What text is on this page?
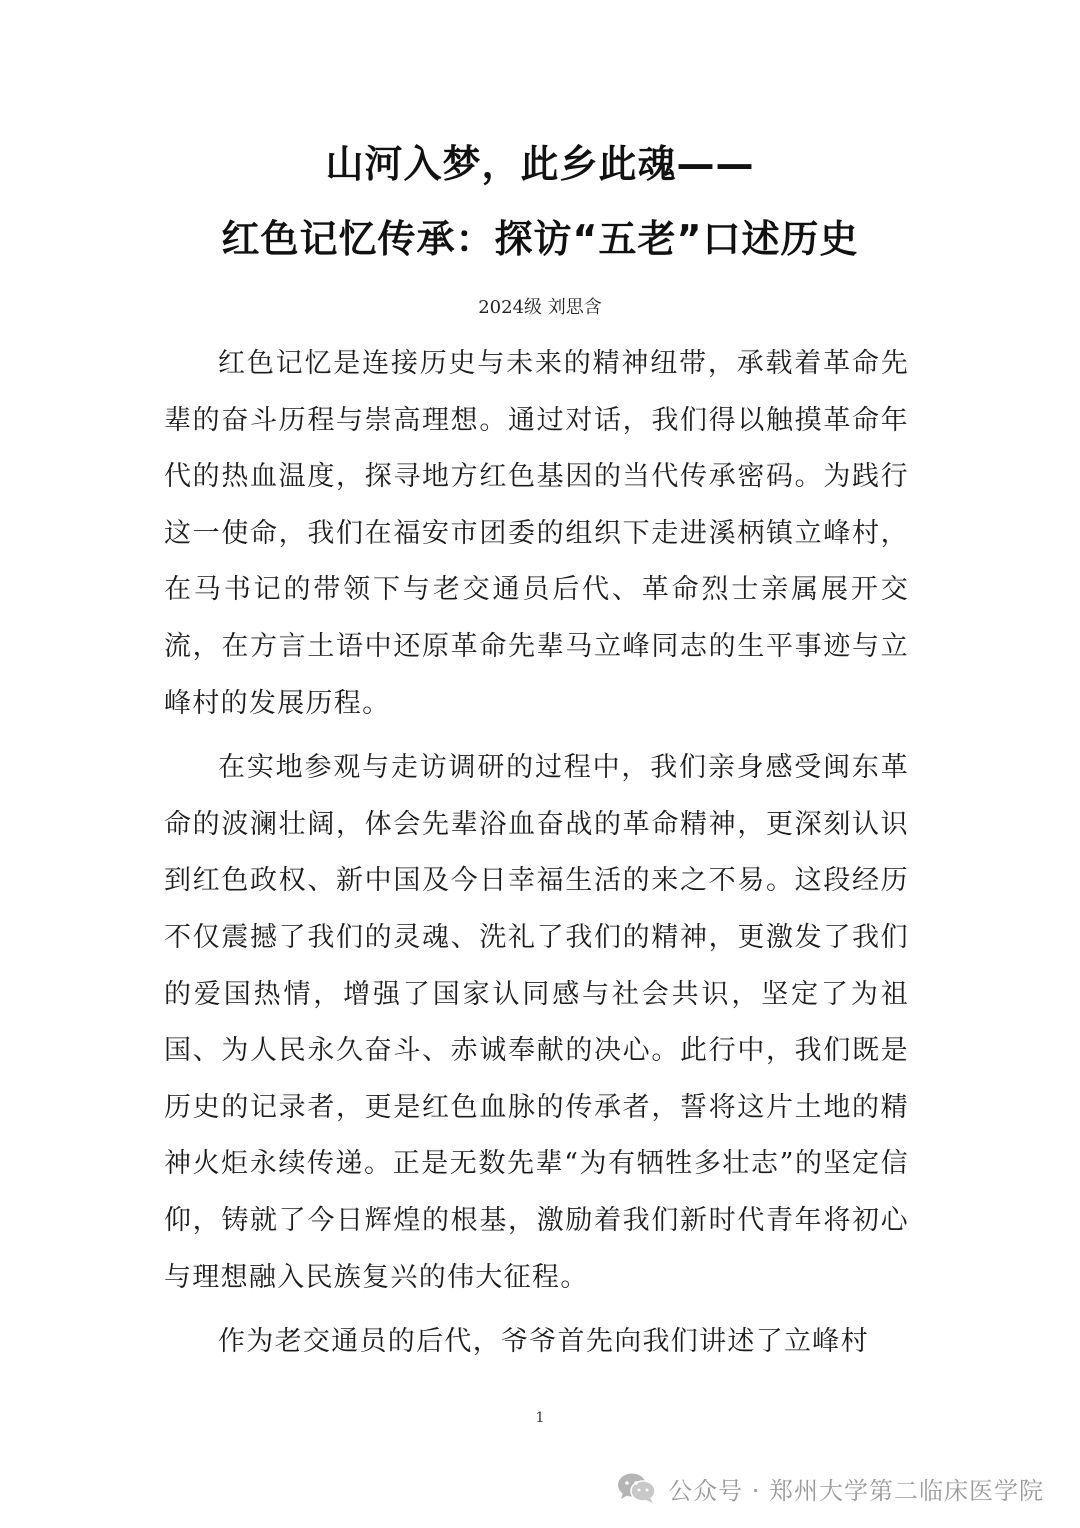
山河入梦，此乡此魂——
红色记忆传承：探访“五老”口述历史
2024级 刘思含

红色记忆是连接历史与未来的精神纽带，承载着革命先辈的奋斗历程与崇高理想。通过对话，我们得以触摸革命年代的热血温度，探寻地方红色基因的当代传承密码。为践行这一使命，我们在福安市团委的组织下走进溪柄镇立峰村，在马书记的带领下与老交通员后代、革命烈士亲属展开交流，在方言土语中还原革命先辈马立峰同志的生平事迹与立峰村的发展历程。

在实地参观与走访调研的过程中，我们亲身感受闽东革命的波澜壮阔，体会先辈浴血奋战的革命精神，更深刻认识到红色政权、新中国及今日幸福生活的来之不易。这段经历不仅震撼了我们的灵魂、洗礼了我们的精神，更激发了我们的爱国热情，增强了国家认同感与社会共识，坚定了为祖国、为人民永久奋斗、赤诚奉献的决心。此行中，我们既是历史的记录者，更是红色血脉的传承者，誓将这片土地的精神火炬永续传递。正是无数先辈“为有牺牲多壮志”的坚定信仰，铸就了今日辉煌的根基，激励着我们新时代青年将初心与理想融入民族复兴的伟大征程。

作为老交通员的后代，爷爷首先向我们讲述了立峰村

1
公众号 · 郑州大学第二临床医学院
